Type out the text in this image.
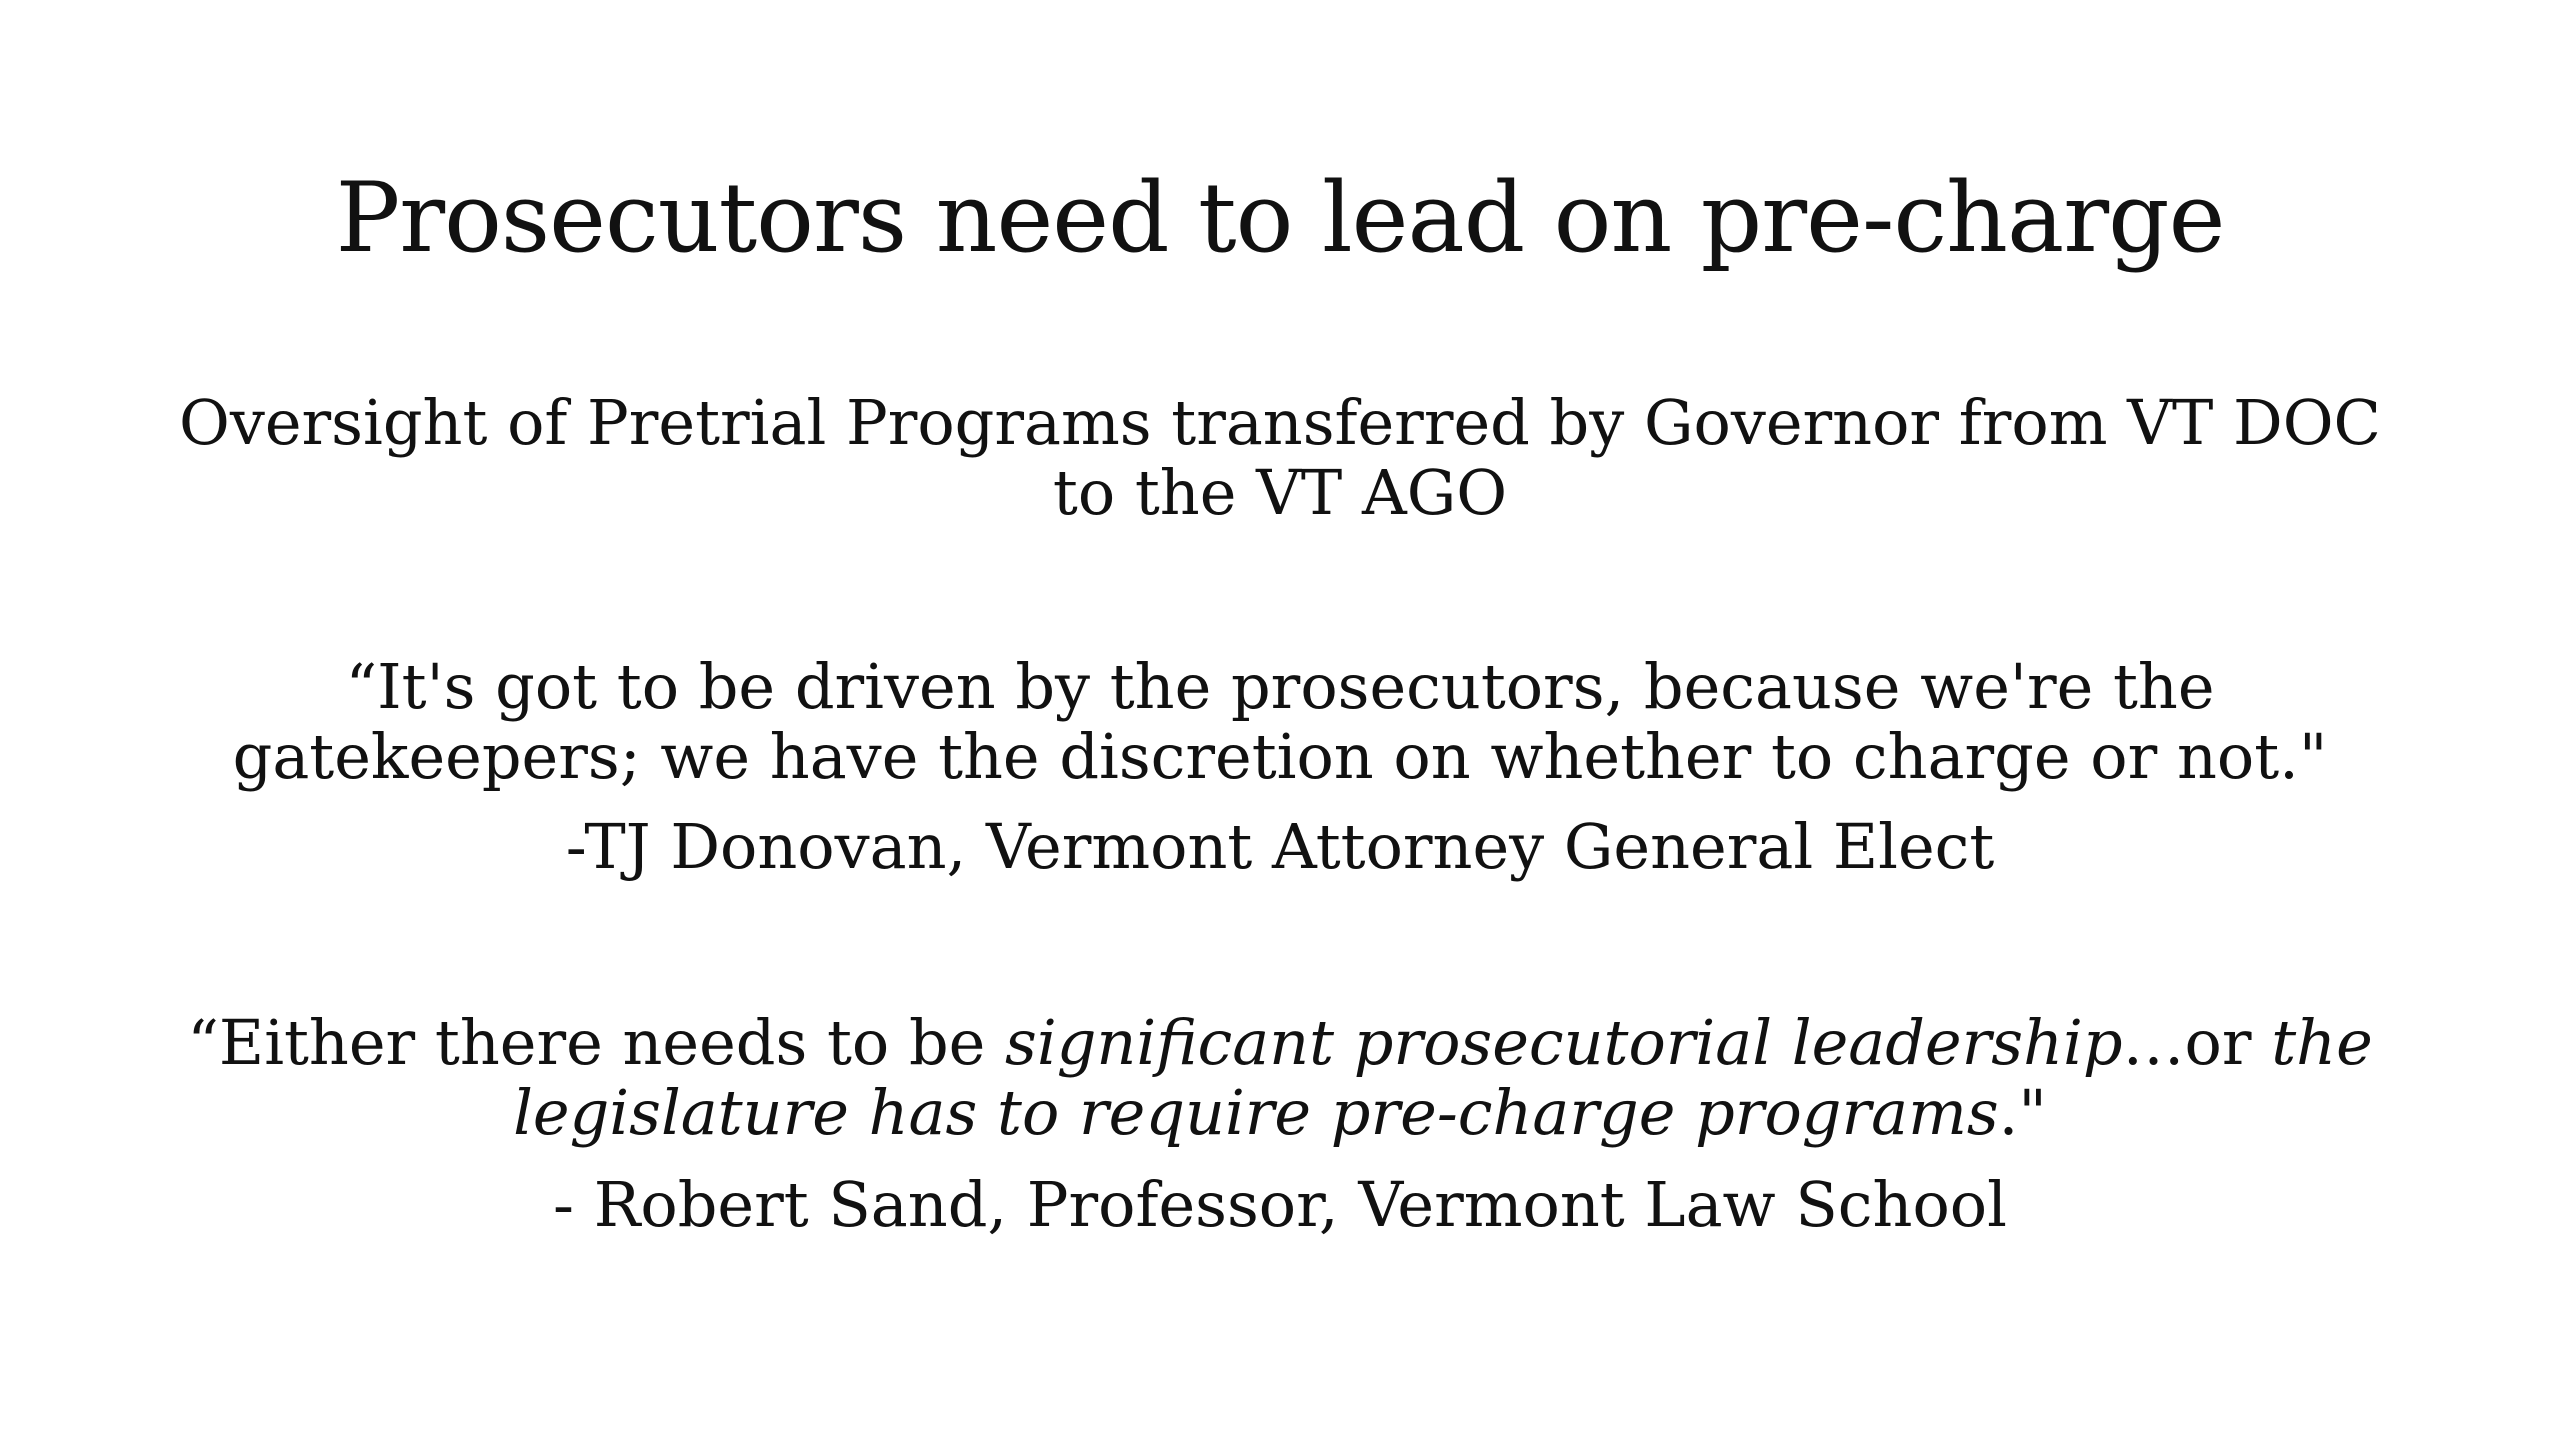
Prosecutors need to lead on pre-charge
Oversight of Pretrial Programs transferred by Governor from VT DOC
to the VT AGO
“It's got to be driven by the prosecutors, because we're the
gatekeepers; we have the discretion on whether to charge or not."
-TJ Donovan, Vermont Attorney General Elect
“Either there needs to be significant prosecutorial leadership…or the
legislature has to require pre-charge programs."
- Robert Sand, Professor, Vermont Law School
